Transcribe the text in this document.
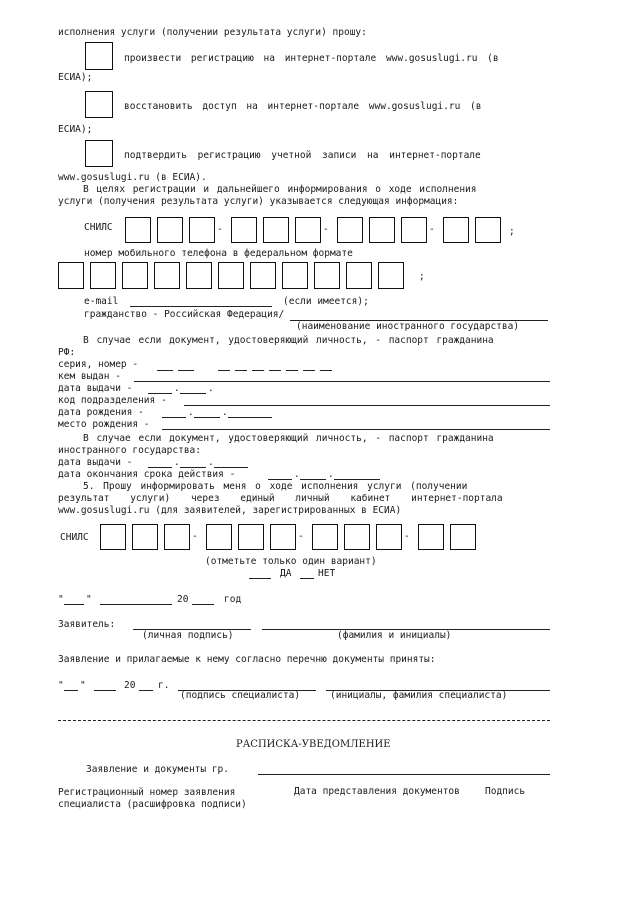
исполнения услуги (получении результата услуги) прошу:
произвести регистрацию на интернет-портале www.gosuslugi.ru (в
ЕСИА);
восстановить доступ на интернет-портале www.gosuslugi.ru (в
ЕСИА);
подтвердить регистрацию учетной записи на интернет-портале
www.gosuslugi.ru (в ЕСИА).
В целях регистрации и дальнейшего информирования о ходе исполнения
услуги (получения результата услуги) указывается следующая информация:
СНИЛС	-	-	-	;
номер мобильного телефона в федеральном формате
;
e-mail	(если имеется);
гражданство - Российская Федерация/
(наименование иностранного государства)
В случае если документ, удостоверяющий личность, - паспорт гражданина
РФ:
серия, номер -
кем выдан -
дата выдачи -	.	.
код подразделения -
дата рождения -	.	.
место рождения -
В случае если документ, удостоверяющий личность, - паспорт гражданина
иностранного государства:
дата выдачи -	.	.
дата окончания срока действия -	.	.
5. Прошу информировать меня о ходе исполнения услуги (получении
результат услуги) через единый личный кабинет интернет-портала
www.gosuslugi.ru (для заявителей, зарегистрированных в ЕСИА)
СНИЛС	-	-	-
(отметьте только один вариант)
ДА	НЕТ
" "	20	год
Заявитель:
(личная подпись)	(фамилия и инициалы)
Заявление и прилагаемые к нему согласно перечню документы приняты:
" "	20 г.
(подпись специалиста)	(инициалы, фамилия специалиста)
РАСПИСКА-УВЕДОМЛЕНИЕ
Заявление и документы гр.
Регистрационный номер заявления	Дата представления документов	Подпись
специалиста (расшифровка подписи)
